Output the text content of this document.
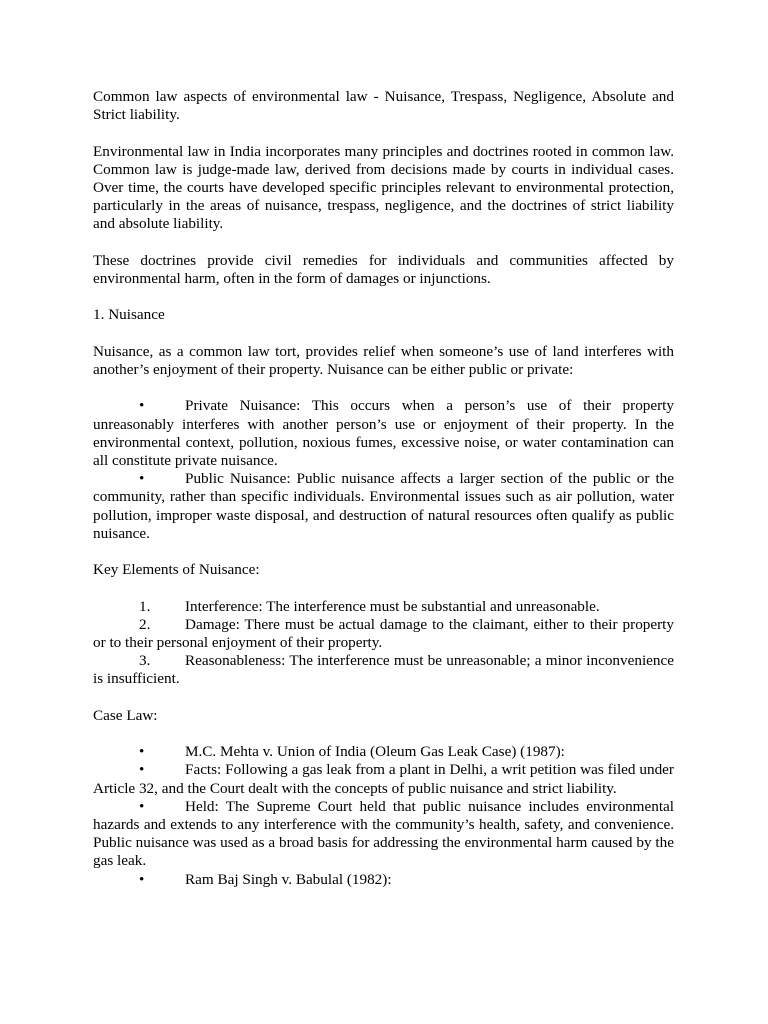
Common law aspects of environmental law - Nuisance, Trespass, Negligence, Absolute and Strict liability.

Environmental law in India incorporates many principles and doctrines rooted in common law. Common law is judge-made law, derived from decisions made by courts in individual cases. Over time, the courts have developed specific principles relevant to environmental protection, particularly in the areas of nuisance, trespass, negligence, and the doctrines of strict liability and absolute liability.

These doctrines provide civil remedies for individuals and communities affected by environmental harm, often in the form of damages or injunctions.

1. Nuisance

Nuisance, as a common law tort, provides relief when someone’s use of land interferes with another’s enjoyment of their property. Nuisance can be either public or private:

•	Private Nuisance: This occurs when a person’s use of their property unreasonably interferes with another person’s use or enjoyment of their property. In the environmental context, pollution, noxious fumes, excessive noise, or water contamination can all constitute private nuisance.
•	Public Nuisance: Public nuisance affects a larger section of the public or the community, rather than specific individuals. Environmental issues such as air pollution, water pollution, improper waste disposal, and destruction of natural resources often qualify as public nuisance.

Key Elements of Nuisance:

1. Interference: The interference must be substantial and unreasonable.
2. Damage: There must be actual damage to the claimant, either to their property or to their personal enjoyment of their property.
3. Reasonableness: The interference must be unreasonable; a minor inconvenience is insufficient.

Case Law:

•	M.C. Mehta v. Union of India (Oleum Gas Leak Case) (1987):
•	Facts: Following a gas leak from a plant in Delhi, a writ petition was filed under Article 32, and the Court dealt with the concepts of public nuisance and strict liability.
•	Held: The Supreme Court held that public nuisance includes environmental hazards and extends to any interference with the community’s health, safety, and convenience. Public nuisance was used as a broad basis for addressing the environmental harm caused by the gas leak.
•	Ram Baj Singh v. Babulal (1982):
